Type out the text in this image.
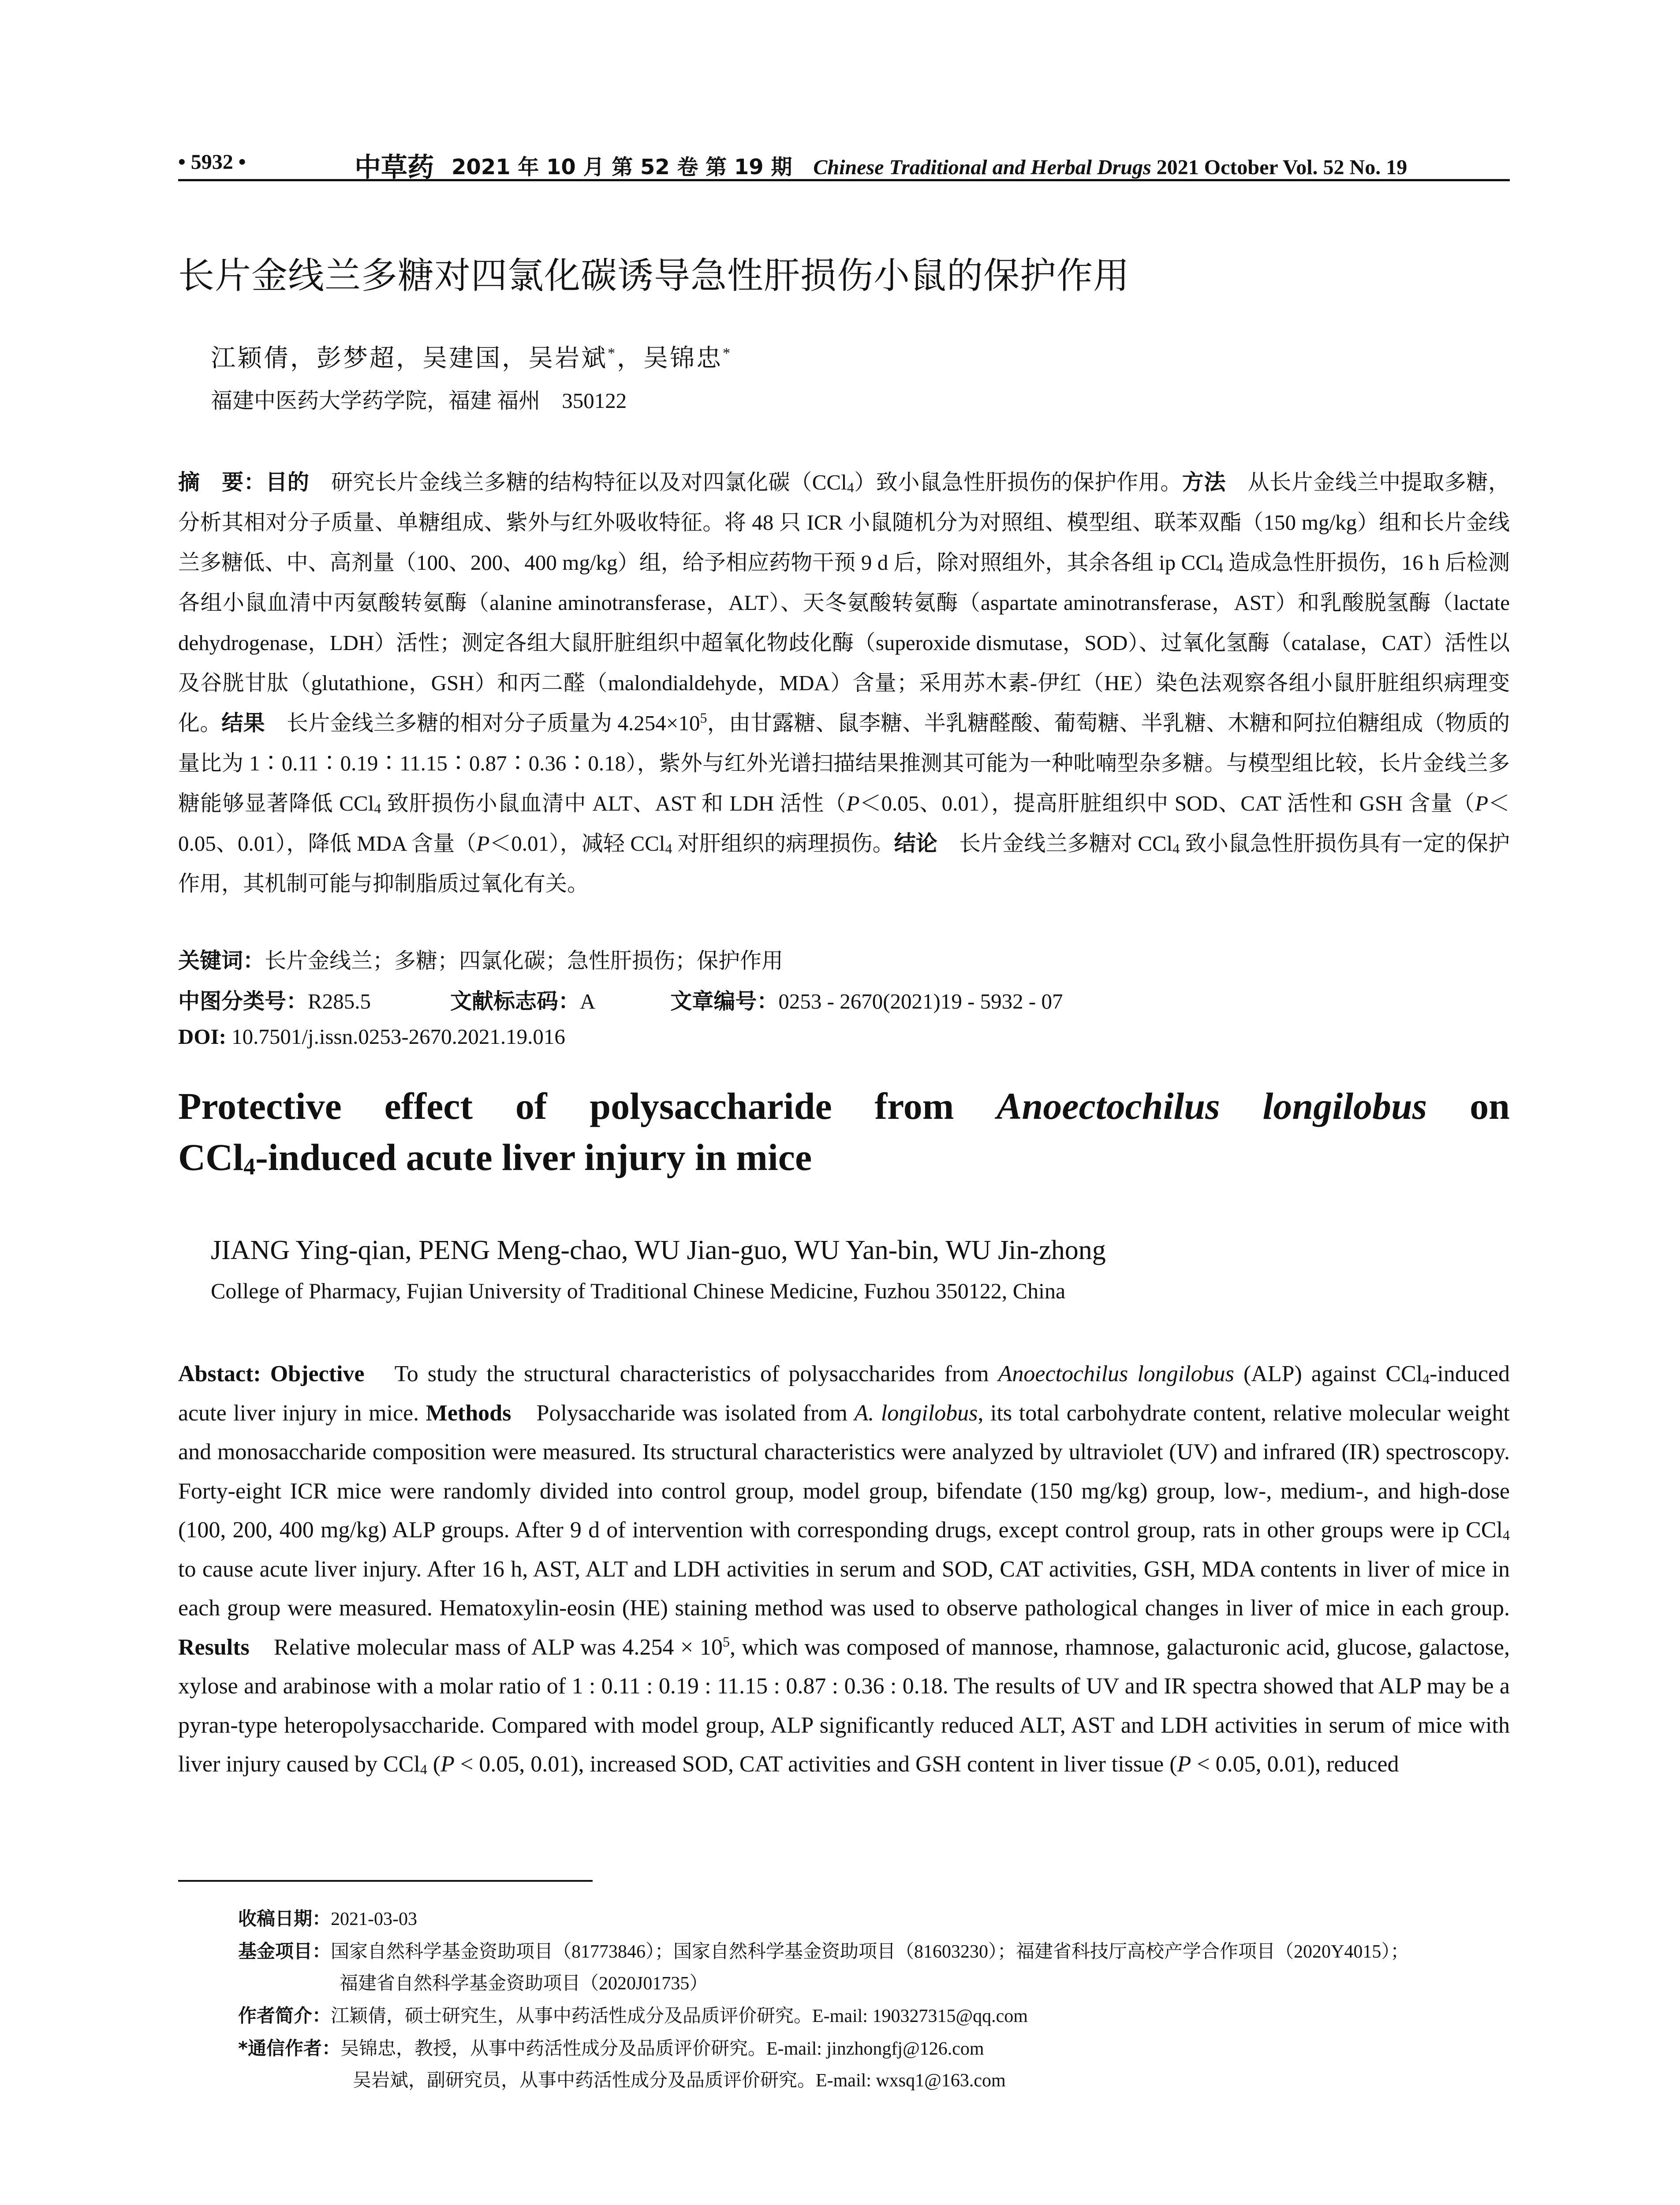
• 5932 •	中草药 2021 年 10 月 第 52 卷 第 19 期　 Chinese Traditional and Herbal Drugs 2021 October Vol. 52 No. 19
长片金线兰多糖对四氯化碳诱导急性肝损伤小鼠的保护作用
江颖倩，彭梦超，吴建国，吴岩斌*，吴锦忠*
福建中医药大学药学院，福建 福州　350122
摘　要：目的　研究长片金线兰多糖的结构特征以及对四氯化碳（CCl$_4$）致小鼠急性肝损伤的保护作用。方法　从长片金线兰中提取多糖，分析其相对分子质量、单糖组成、紫外与红外吸收特征。将 48 只 ICR 小鼠随机分为对照组、模型组、联苯双酯（150 mg/kg）组和长片金线兰多糖低、中、高剂量（100、200、400 mg/kg）组，给予相应药物干预 9 d 后，除对照组外，其余各组 ip CCl$_4$ 造成急性肝损伤，16 h 后检测各组小鼠血清中丙氨酸转氨酶（alanine aminotransferase，ALT）、天冬氨酸转氨酶（aspartate aminotransferase，AST）和乳酸脱氢酶（lactate dehydrogenase，LDH）活性；测定各组大鼠肝脏组织中超氧化物歧化酶（superoxide dismutase，SOD）、过氧化氢酶（catalase，CAT）活性以及谷胱甘肽（glutathione，GSH）和丙二醛（malondialdehyde，MDA）含量；采用苏木素-伊红（HE）染色法观察各组小鼠肝脏组织病理变化。结果　长片金线兰多糖的相对分子质量为 $4.254\times 10^5$，由甘露糖、鼠李糖、半乳糖醛酸、葡萄糖、半乳糖、木糖和阿拉伯糖组成（物质的量比为 1∶0.11∶0.19∶11.15∶0.87∶0.36∶0.18），紫外与红外光谱扫描结果推测其可能为一种吡喃型杂多糖。与模型组比较，长片金线兰多糖能够显著降低 CCl$_4$ 致肝损伤小鼠血清中 ALT、AST 和 LDH 活性（P＜0.05、0.01），提高肝脏组织中 SOD、CAT 活性和 GSH 含量（P＜0.05、0.01），降低 MDA 含量（P＜0.01），减轻 CCl$_4$ 对肝组织的病理损伤。结论　长片金线兰多糖对 CCl$_4$ 致小鼠急性肝损伤具有一定的保护作用，其机制可能与抑制脂质过氧化有关。
关键词：长片金线兰；多糖；四氯化碳；急性肝损伤；保护作用
中图分类号：R285.5	文献标志码：A	文章编号：0253 - 2670(2021)19 - 5932 - 07
DOI: 10.7501/j.issn.0253-2670.2021.19.016
Protective effect of polysaccharide from Anoectochilus longilobus on
CCl$_4$-induced acute liver injury in mice
JIANG Ying-qian, PENG Meng-chao, WU Jian-guo, WU Yan-bin, WU Jin-zhong
College of Pharmacy, Fujian University of Traditional Chinese Medicine, Fuzhou 350122, China
Abstact: Objective　To study the structural characteristics of polysaccharides from Anoectochilus longilobus (ALP) against CCl$_4$-induced acute liver injury in mice. Methods　Polysaccharide was isolated from A. longilobus, its total carbohydrate content, relative molecular weight and monosaccharide composition were measured. Its structural characteristics were analyzed by ultraviolet (UV) and infrared (IR) spectroscopy. Forty-eight ICR mice were randomly divided into control group, model group, bifendate (150 mg/kg) group, low-, medium-, and high-dose (100, 200, 400 mg/kg) ALP groups. After 9 d of intervention with corresponding drugs, except control group, rats in other groups were ip CCl$_4$ to cause acute liver injury. After 16 h, AST, ALT and LDH activities in serum and SOD, CAT activities, GSH, MDA contents in liver of mice in each group were measured. Hematoxylin-eosin (HE) staining method was used to observe pathological changes in liver of mice in each group. Results　Relative molecular mass of ALP was $4.254 \times 10^5$, which was composed of mannose, rhamnose, galacturonic acid, glucose, galactose, xylose and arabinose with a molar ratio of 1 : 0.11 : 0.19 : 11.15 : 0.87 : 0.36 : 0.18. The results of UV and IR spectra showed that ALP may be a pyran-type heteropolysaccharide. Compared with model group, ALP significantly reduced ALT, AST and LDH activities in serum of mice with liver injury caused by CCl$_4$ (P < 0.05, 0.01), increased SOD, CAT activities and GSH content in liver tissue (P < 0.05, 0.01), reduced
收稿日期：2021-03-03
基金项目：国家自然科学基金资助项目（81773846）；国家自然科学基金资助项目（81603230）；福建省科技厅高校产学合作项目（2020Y4015）；
福建省自然科学基金资助项目（2020J01735）
作者简介：江颖倩，硕士研究生，从事中药活性成分及品质评价研究。E-mail: 190327315@qq.com
*通信作者：吴锦忠，教授，从事中药活性成分及品质评价研究。E-mail: jinzhongfj@126.com
吴岩斌，副研究员，从事中药活性成分及品质评价研究。E-mail: wxsq1@163.com
